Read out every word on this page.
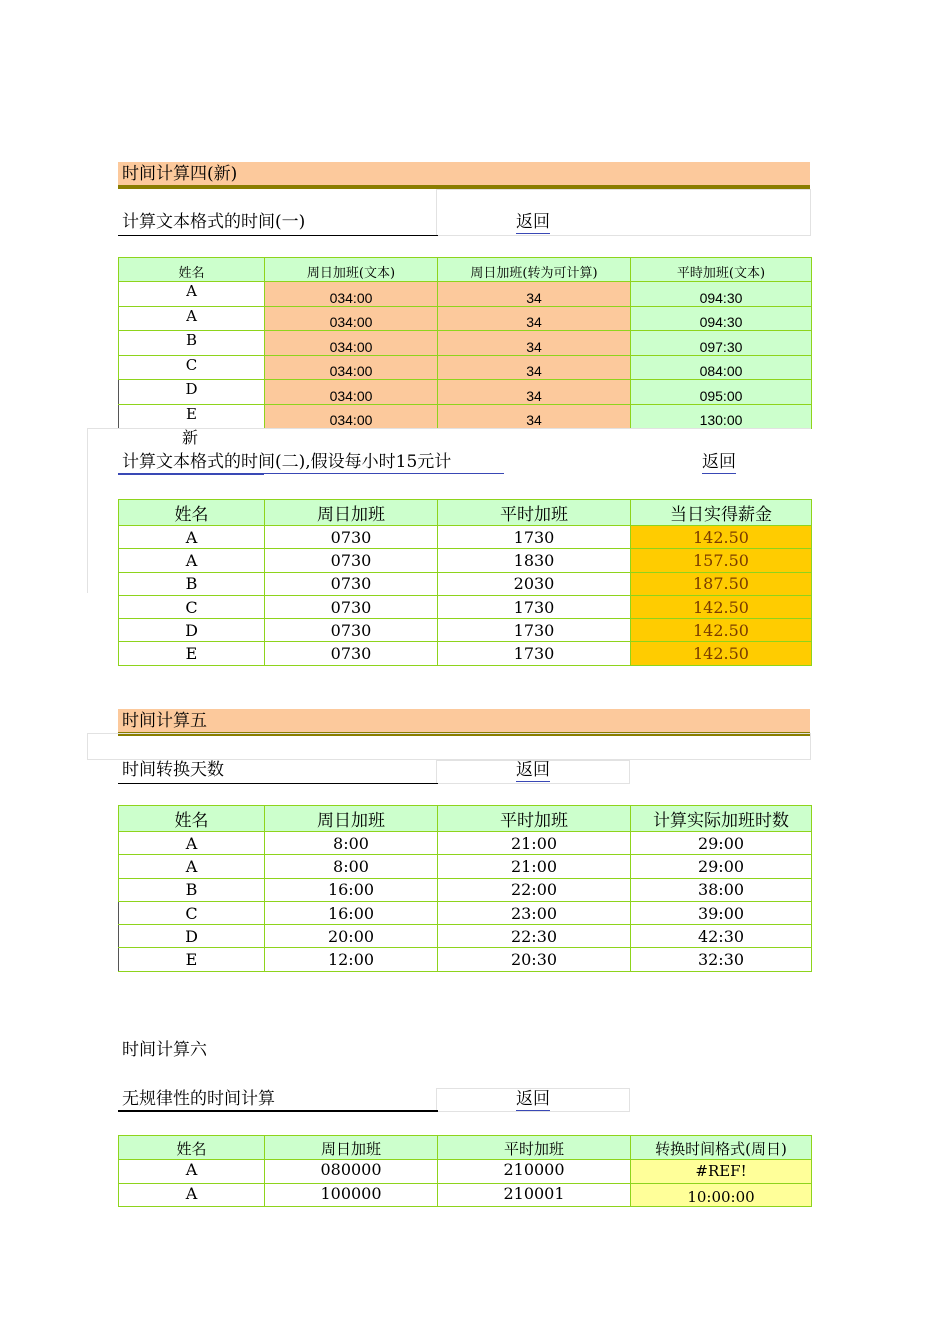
时间计算四(新)
计算文本格式的时间(一)	返回
姓名	周日加班(文本)	周日加班(转为可计算)	平時加班(文本)
A	034:00	34	094:30
A	034:00	34	094:30
B	034:00	34	097:30
C	034:00	34	084:00
D	034:00	34	095:00
E	034:00	34	130:00
新
计算文本格式的时间(二),假设每小时15元计	返回
姓名	周日加班	平时加班	当日实得薪金
A	0730	1730	142.50
A	0730	1830	157.50
B	0730	2030	187.50
C	0730	1730	142.50
D	0730	1730	142.50
E	0730	1730	142.50
时间计算五
时间转换天数	返回
姓名	周日加班	平时加班	计算实际加班时数
A	8:00	21:00	29:00
A	8:00	21:00	29:00
B	16:00	22:00	38:00
C	16:00	23:00	39:00
D	20:00	22:30	42:30
E	12:00	20:30	32:30
时间计算六
无规律性的时间计算	返回
姓名	周日加班	平时加班	转换时间格式(周日)
A	080000	210000	#REF!
A	100000	210001	10:00:00
